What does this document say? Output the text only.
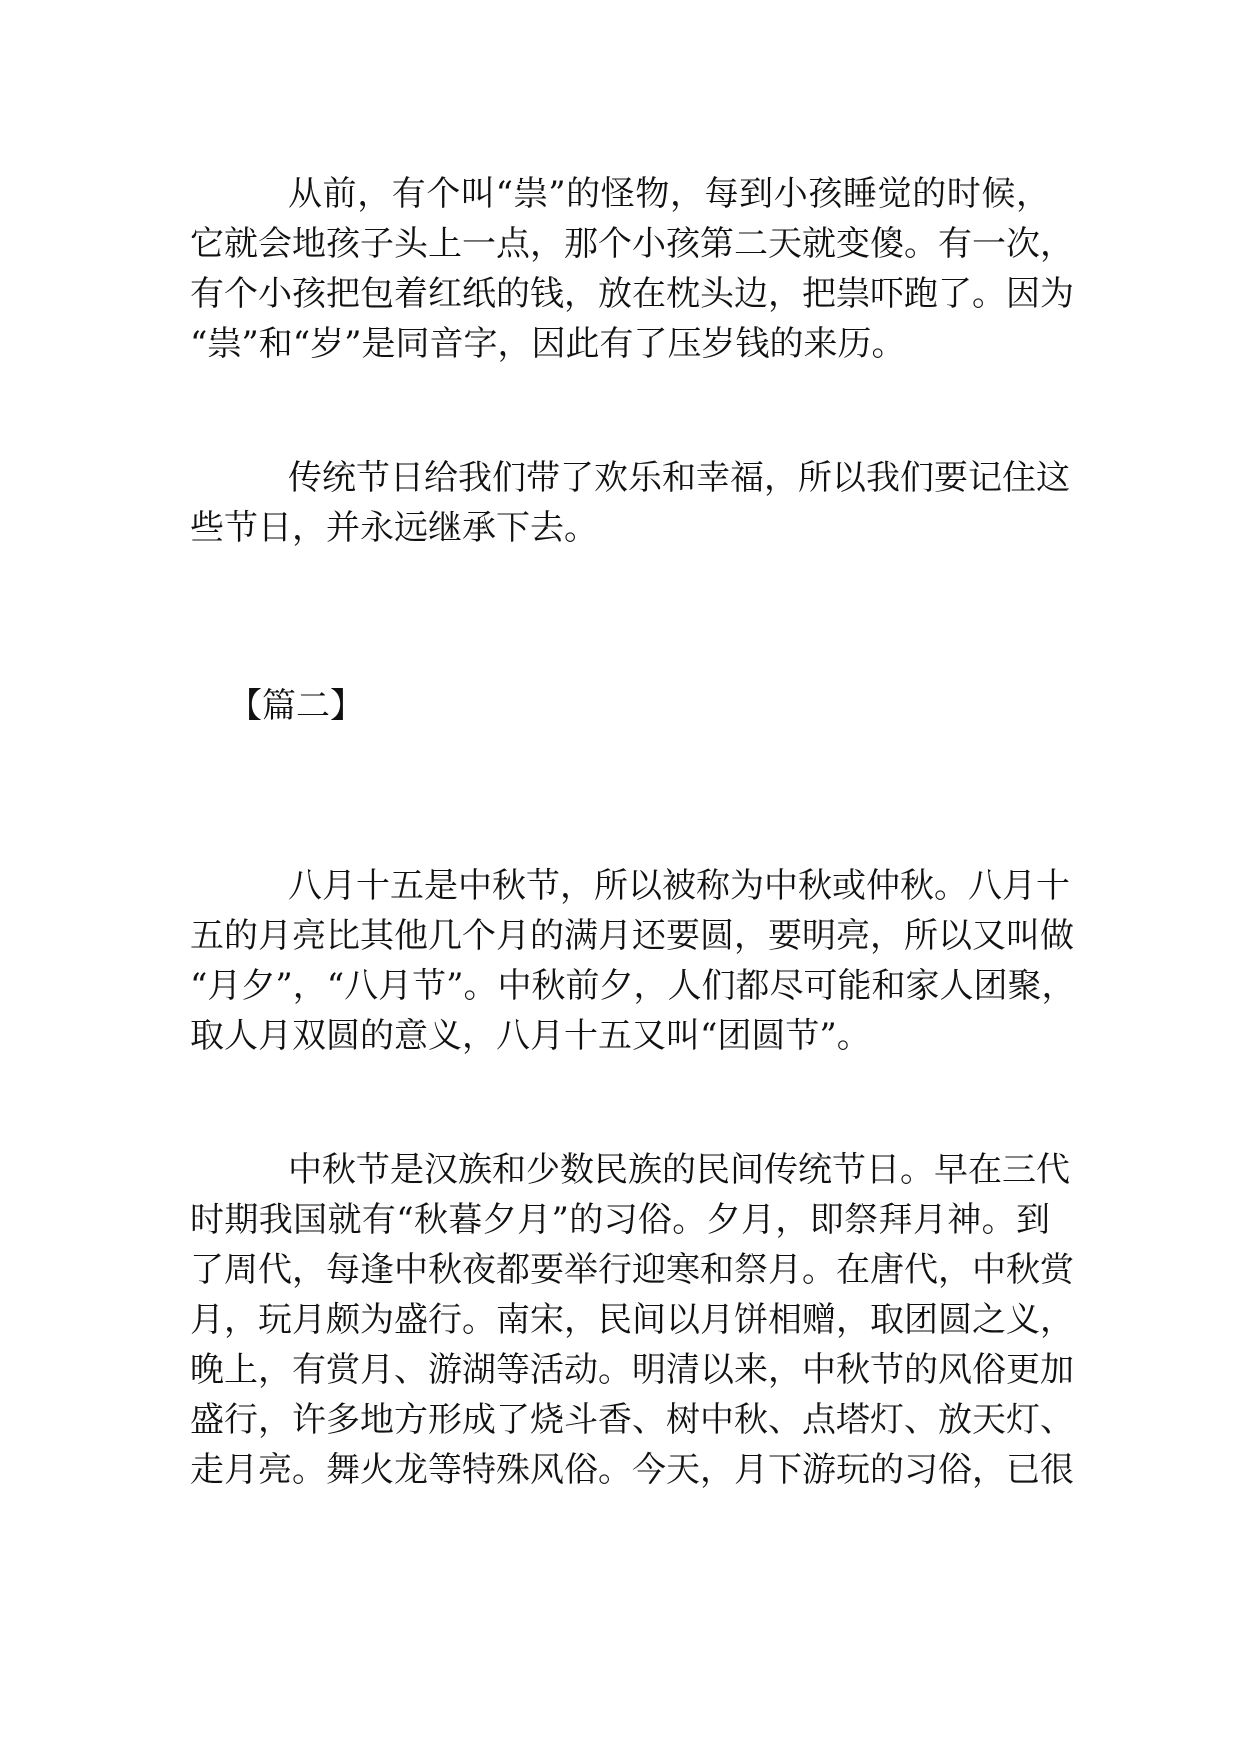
从前，有个叫“祟”的怪物，每到小孩睡觉的时候，
它就会地孩子头上一点，那个小孩第二天就变傻。有一次，
有个小孩把包着红纸的钱，放在枕头边，把祟吓跑了。因为
“祟”和“岁”是同音字，因此有了压岁钱的来历。
传统节日给我们带了欢乐和幸福，所以我们要记住这
些节日，并永远继承下去。
【篇二】
八月十五是中秋节，所以被称为中秋或仲秋。八月十
五的月亮比其他几个月的满月还要圆，要明亮，所以又叫做
“月夕”，“八月节”。中秋前夕，人们都尽可能和家人团聚，
取人月双圆的意义，八月十五又叫“团圆节”。
中秋节是汉族和少数民族的民间传统节日。早在三代
时期我国就有“秋暮夕月”的习俗。夕月，即祭拜月神。到
了周代，每逢中秋夜都要举行迎寒和祭月。在唐代，中秋赏
月，玩月颇为盛行。南宋，民间以月饼相赠，取团圆之义，
晚上，有赏月、游湖等活动。明清以来，中秋节的风俗更加
盛行，许多地方形成了烧斗香、树中秋、点塔灯、放天灯、
走月亮。舞火龙等特殊风俗。今天，月下游玩的习俗，已很
